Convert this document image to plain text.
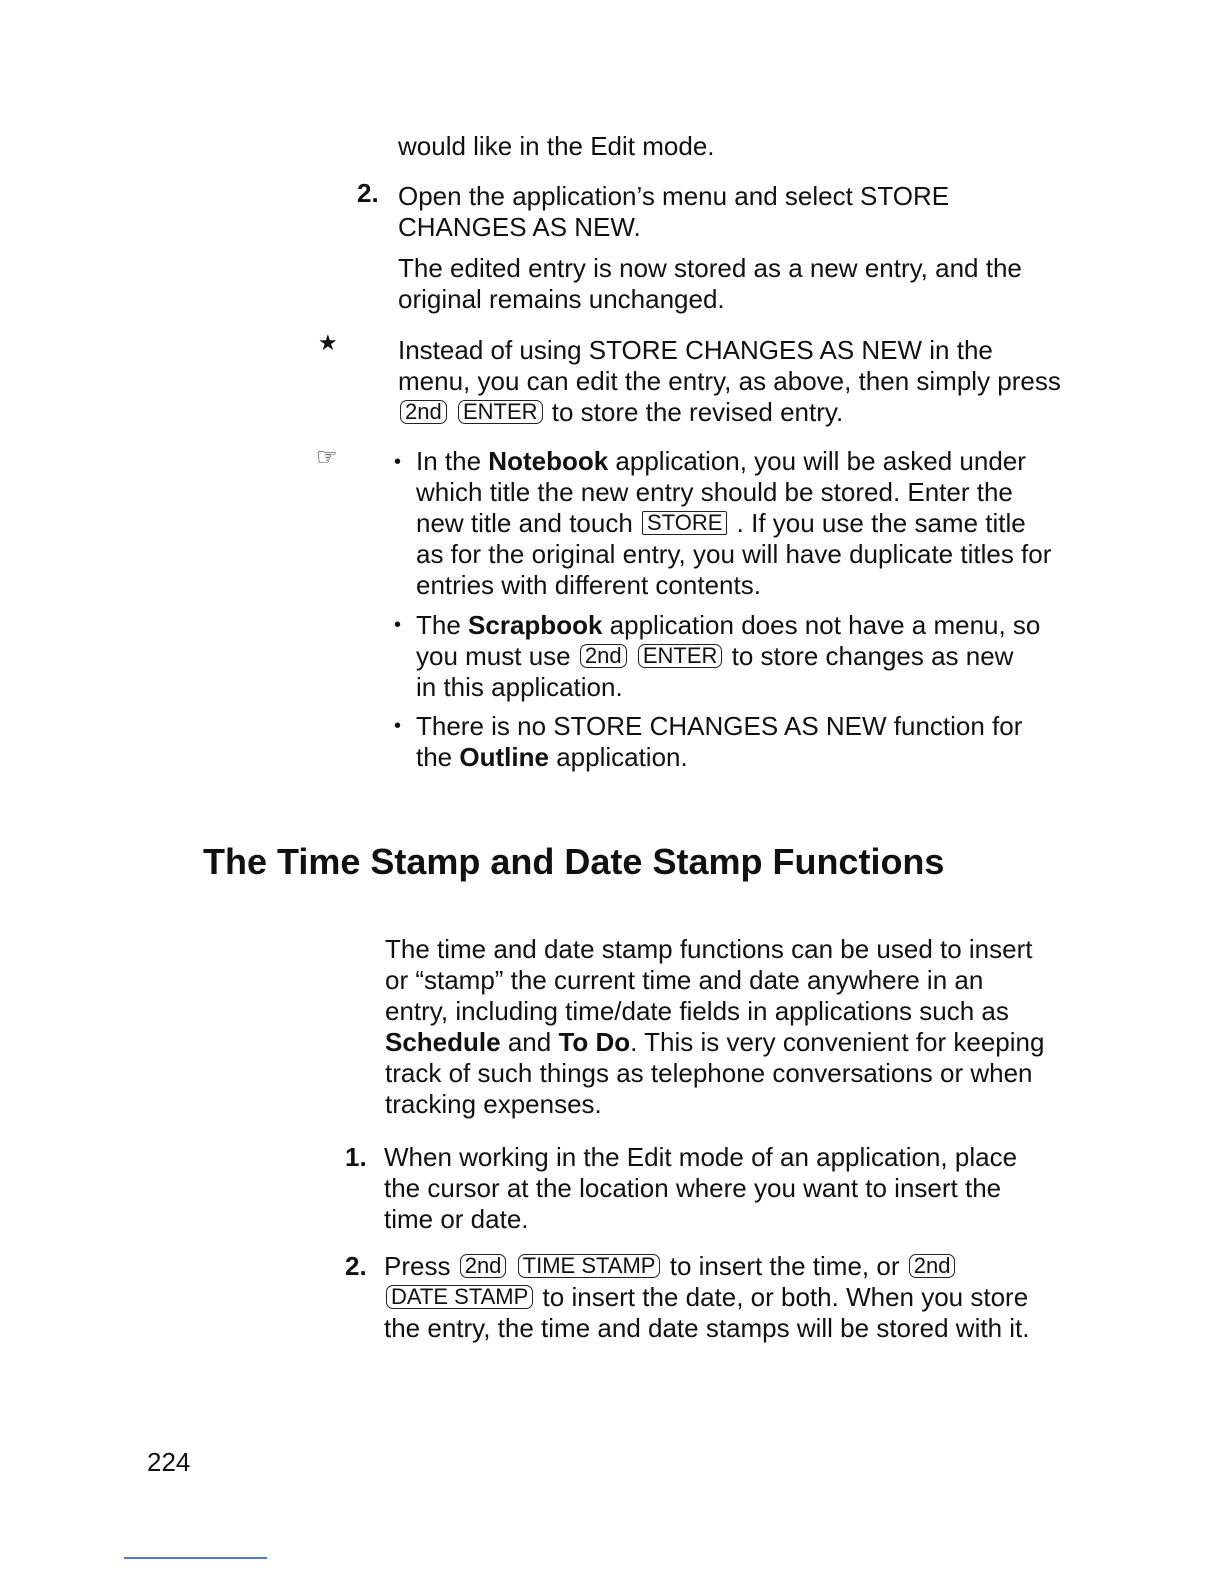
would like in the Edit mode.
2. Open the application’s menu and select STORE
CHANGES AS NEW.
The edited entry is now stored as a new entry, and the
original remains unchanged.
★ Instead of using STORE CHANGES AS NEW in the
menu, you can edit the entry, as above, then simply press
2nd ENTER to store the revised entry.
☞	• In the Notebook application, you will be asked under
which title the new entry should be stored. Enter the
new title and touch STORE . If you use the same title
as for the original entry, you will have duplicate titles for
entries with different contents.
• The Scrapbook application does not have a menu, so
you must use 2nd ENTER to store changes as new
in this application.
• There is no STORE CHANGES AS NEW function for
the Outline application.
The Time Stamp and Date Stamp Functions
The time and date stamp functions can be used to insert
or “stamp” the current time and date anywhere in an
entry, including time/date fields in applications such as
Schedule and To Do. This is very convenient for keeping
track of such things as telephone conversations or when
tracking expenses.
1. When working in the Edit mode of an application, place
the cursor at the location where you want to insert the
time or date.
2. Press 2nd TIME STAMP to insert the time, or 2nd
DATE STAMP to insert the date, or both. When you store
the entry, the time and date stamps will be stored with it.
224
